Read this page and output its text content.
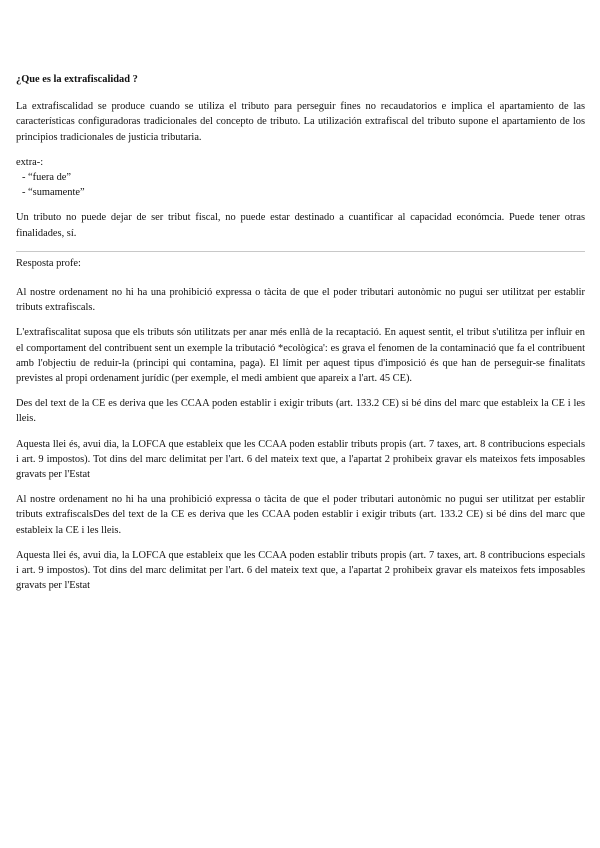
¿Que es la extrafiscalidad ?

La extrafiscalidad se produce cuando se utiliza el tributo para perseguir fines no recaudatorios e implica el apartamiento de las características configuradoras tradicionales del concepto de tributo. La utilización extrafiscal del tributo supone el apartamiento de los principios tradicionales de justicia tributaria.

extra-:
- “fuera de”
- “sumamente”

Un tributo no puede dejar de ser tribut fiscal, no puede estar destinado a cuantificar al capacidad económcia. Puede tener otras finalidades, sí.

Resposta profe:

Al nostre ordenament no hi ha una prohibició expressa o tàcita de que el poder tributari autonòmic no pugui ser utilitzat per establir tributs extrafiscals.

L'extrafiscalitat suposa que els tributs són utilitzats per anar més enllà de la recaptació. En aquest sentit, el tribut s'utilitza per influir en el comportament del contribuent sent un exemple la tributació *ecològica': es grava el fenomen de la contaminació que fa el contribuent amb l'objectiu de reduir-la (principi qui contamina, paga). El límit per aquest tipus d'imposició és que han de perseguir-se finalitats previstes al propi ordenament jurídic (per exemple, el medi ambient que apareix a l'art. 45 CE).

Des del text de la CE es deriva que les CCAA poden establir i exigir tributs (art. 133.2 CE) si bé dins del marc que estableix la CE i les lleis.

Aquesta llei és, avui dia, la LOFCA que estableix que les CCAA poden establir tributs propis (art. 7 taxes, art. 8 contribucions especials i art. 9 impostos). Tot dins del marc delimitat per l'art. 6 del mateix text que, a l'apartat 2 prohibeix gravar els mateixos fets imposables gravats per l'Estat

Al nostre ordenament no hi ha una prohibició expressa o tàcita de que el poder tributari autonòmic no pugui ser utilitzat per establir tributs extrafiscalsDes del text de la CE es deriva que les CCAA poden establir i exigir tributs (art. 133.2 CE) si bé dins del marc que estableix la CE i les lleis.

Aquesta llei és, avui dia, la LOFCA que estableix que les CCAA poden establir tributs propis (art. 7 taxes, art. 8 contribucions especials i art. 9 impostos). Tot dins del marc delimitat per l'art. 6 del mateix text que, a l'apartat 2 prohibeix gravar els mateixos fets imposables gravats per l'Estat
